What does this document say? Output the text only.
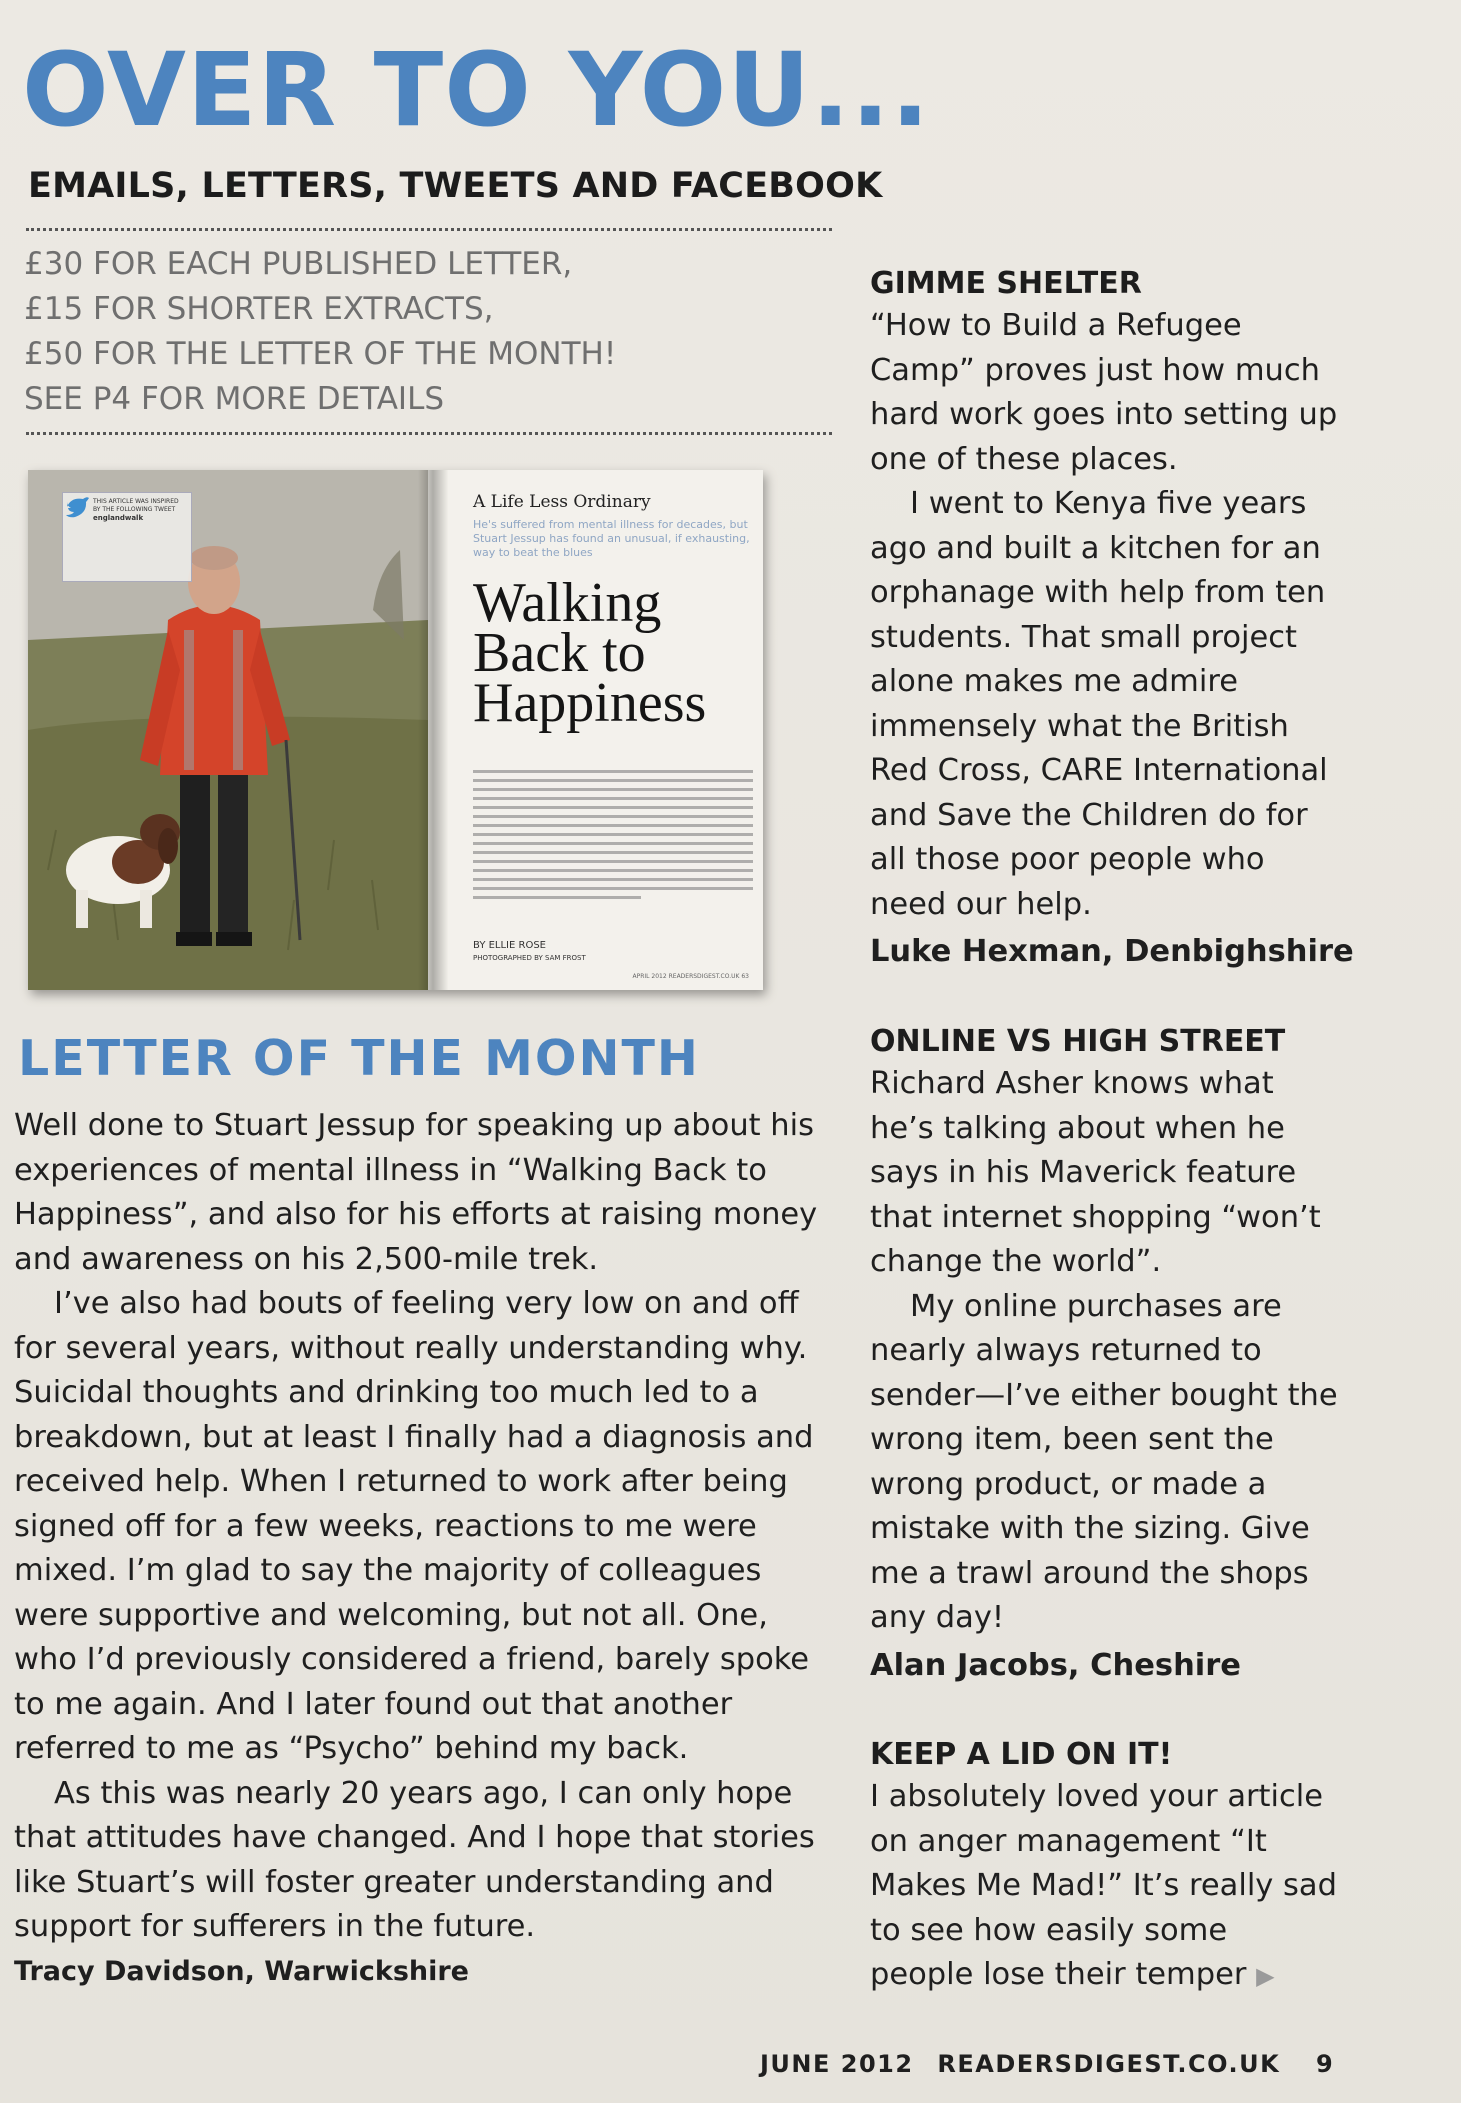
OVER TO YOU...
EMAILS, LETTERS, TWEETS AND FACEBOOK
£30 FOR EACH PUBLISHED LETTER,
£15 FOR SHORTER EXTRACTS,
£50 FOR THE LETTER OF THE MONTH!
SEE P4 FOR MORE DETAILS
THIS ARTICLE WAS INSPIRED BY THE FOLLOWING TWEET
englandwalk
A Life Less Ordinary
He's suffered from mental illness for decades, but Stuart Jessup has found an unusual, if exhausting, way to beat the blues
Walking
Back to
Happiness
BY ELLIE ROSE
PHOTOGRAPHED BY SAM FROST
APRIL 2012 READERSDIGEST.CO.UK 63
LETTER OF THE MONTH

Well done to Stuart Jessup for speaking up about his experiences of mental illness in “Walking Back to Happiness”, and also for his efforts at raising money and awareness on his 2,500-mile trek.

I’ve also had bouts of feeling very low on and off for several years, without really understanding why. Suicidal thoughts and drinking too much led to a breakdown, but at least I finally had a diagnosis and received help. When I returned to work after being signed off for a few weeks, reactions to me were mixed. I’m glad to say the majority of colleagues were supportive and welcoming, but not all. One, who I’d previously considered a friend, barely spoke to me again. And I later found out that another referred to me as “Psycho” behind my back.

As this was nearly 20 years ago, I can only hope that attitudes have changed. And I hope that stories like Stuart’s will foster greater understanding and support for sufferers in the future.

Tracy Davidson, Warwickshire

GIMME SHELTER

“How to Build a Refugee Camp” proves just how much hard work goes into setting up one of these places.

I went to Kenya five years ago and built a kitchen for an orphanage with help from ten students. That small project alone makes me admire immensely what the British Red Cross, CARE International and Save the Children do for all those poor people who need our help.

Luke Hexman, Denbighshire

ONLINE VS HIGH STREET

Richard Asher knows what he’s talking about when he says in his Maverick feature that internet shopping “won’t change the world”.

My online purchases are nearly always returned to sender—I’ve either bought the wrong item, been sent the wrong product, or made a mistake with the sizing. Give me a trawl around the shops any day!

Alan Jacobs, Cheshire

KEEP A LID ON IT!

I absolutely loved your article on anger management “It Makes Me Mad!” It’s really sad to see how easily some people lose their temper ▶

JUNE 2012 READERSDIGEST.CO.UK 9
